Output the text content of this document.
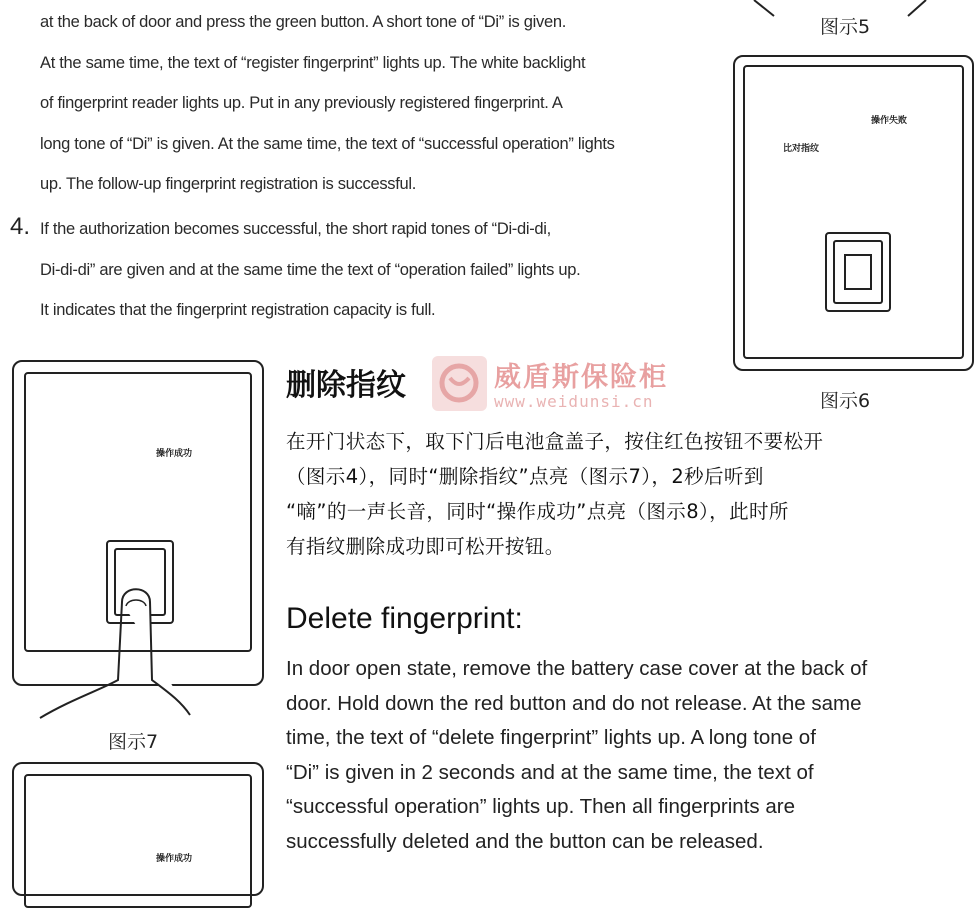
at the back of door and press the green button. A short tone of “Di” is given.

At the same time, the text of “register fingerprint” lights up. The white backlight

of fingerprint reader lights up. Put in any previously registered fingerprint. A

long tone of “Di” is given. At the same time, the text of “successful operation” lights

up. The follow-up fingerprint registration is successful.

4. If the authorization becomes successful, the short rapid tones of “Di-di-di,

Di-di-di” are given and at the same time the text of “operation failed” lights up.

It indicates that the fingerprint registration capacity is full.

图示5
比对指纹
操作失败
图示6
操作成功
图示7
操作成功
威盾斯保险柜
www.weidunsi.cn
删除指纹

在开门状态下，取下门后电池盒盖子，按住红色按钮不要松开

（图示4），同时“删除指纹”点亮（图示7），2秒后听到

“嘀”的一声长音，同时“操作成功”点亮（图示8），此时所

有指纹删除成功即可松开按钮。

Delete fingerprint:

In door open state, remove the battery case cover at the back of

door. Hold down the red button and do not release. At the same

time, the text of “delete fingerprint” lights up. A long tone of

“Di” is given in 2 seconds and at the same time, the text of

“successful operation” lights up. Then all fingerprints are

successfully deleted and the button can be released.
